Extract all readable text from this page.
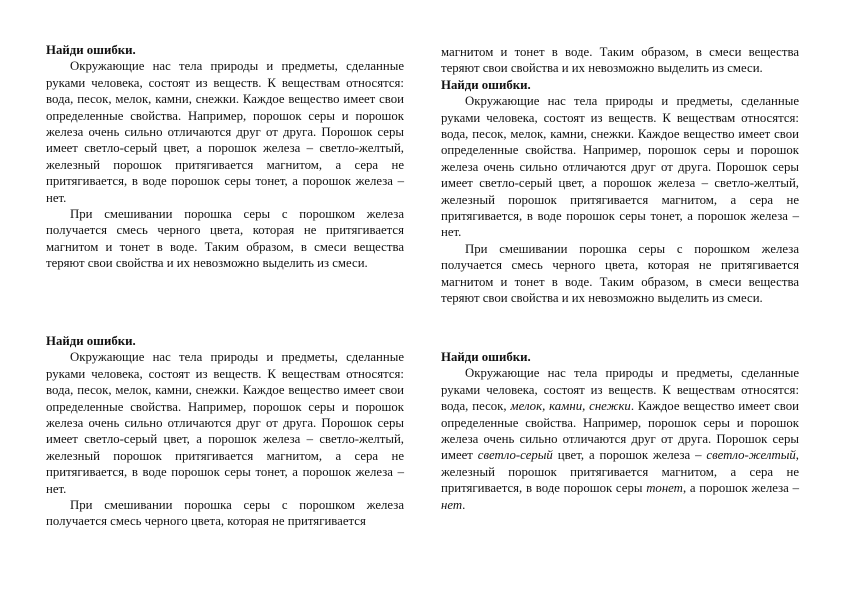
Найди ошибки.

Окружающие нас тела природы и предметы, сделанные руками человека, состоят из веществ. К веществам относятся: вода, песок, мелок, камни, снежки. Каждое вещество имеет свои определенные свойства. Например, порошок серы и порошок железа очень сильно отличаются друг от друга. Порошок серы имеет светло-серый цвет, а порошок железа – светло-желтый, железный порошок притягивается магнитом, а сера не притягивается, в воде порошок серы тонет, а порошок железа – нет.

При смешивании порошка серы с порошком железа получается смесь черного цвета, которая не притягивается магнитом и тонет в воде. Таким образом, в смеси вещества теряют свои свойства и их невозможно выделить из смеси.

магнитом и тонет в воде. Таким образом, в смеси вещества

теряют свои свойства и их невозможно выделить из смеси.

Найди ошибки.

Окружающие нас тела природы и предметы, сделанные руками человека, состоят из веществ. К веществам относятся: вода, песок, мелок, камни, снежки. Каждое вещество имеет свои определенные свойства. Например, порошок серы и порошок железа очень сильно отличаются друг от друга. Порошок серы имеет светло-серый цвет, а порошок железа – светло-желтый, железный порошок притягивается магнитом, а сера не притягивается, в воде порошок серы тонет, а порошок железа – нет.

При смешивании порошка серы с порошком железа получается смесь черного цвета, которая не притягивается магнитом и тонет в воде. Таким образом, в смеси вещества теряют свои свойства и их невозможно выделить из смеси.

Найди ошибки.

Окружающие нас тела природы и предметы, сделанные руками человека, состоят из веществ. К веществам относятся: вода, песок, мелок, камни, снежки. Каждое вещество имеет свои определенные свойства. Например, порошок серы и порошок железа очень сильно отличаются друг от друга. Порошок серы имеет светло-серый цвет, а порошок железа – светло-желтый, железный порошок притягивается магнитом, а сера не притягивается, в воде порошок серы тонет, а порошок железа – нет.

При смешивании порошка серы с порошком железа получается смесь черного цвета, которая не притягивается

Найди ошибки.

Окружающие нас тела природы и предметы, сделанные руками человека, состоят из веществ. К веществам относятся: вода, песок, мелок, камни, снежки. Каждое вещество имеет свои определенные свойства. Например, порошок серы и порошок железа очень сильно отличаются друг от друга. Порошок серы имеет светло-серый цвет, а порошок железа – светло-желтый, железный порошок притягивается магнитом, а сера не притягивается, в воде порошок серы тонет, а порошок железа – нет.
